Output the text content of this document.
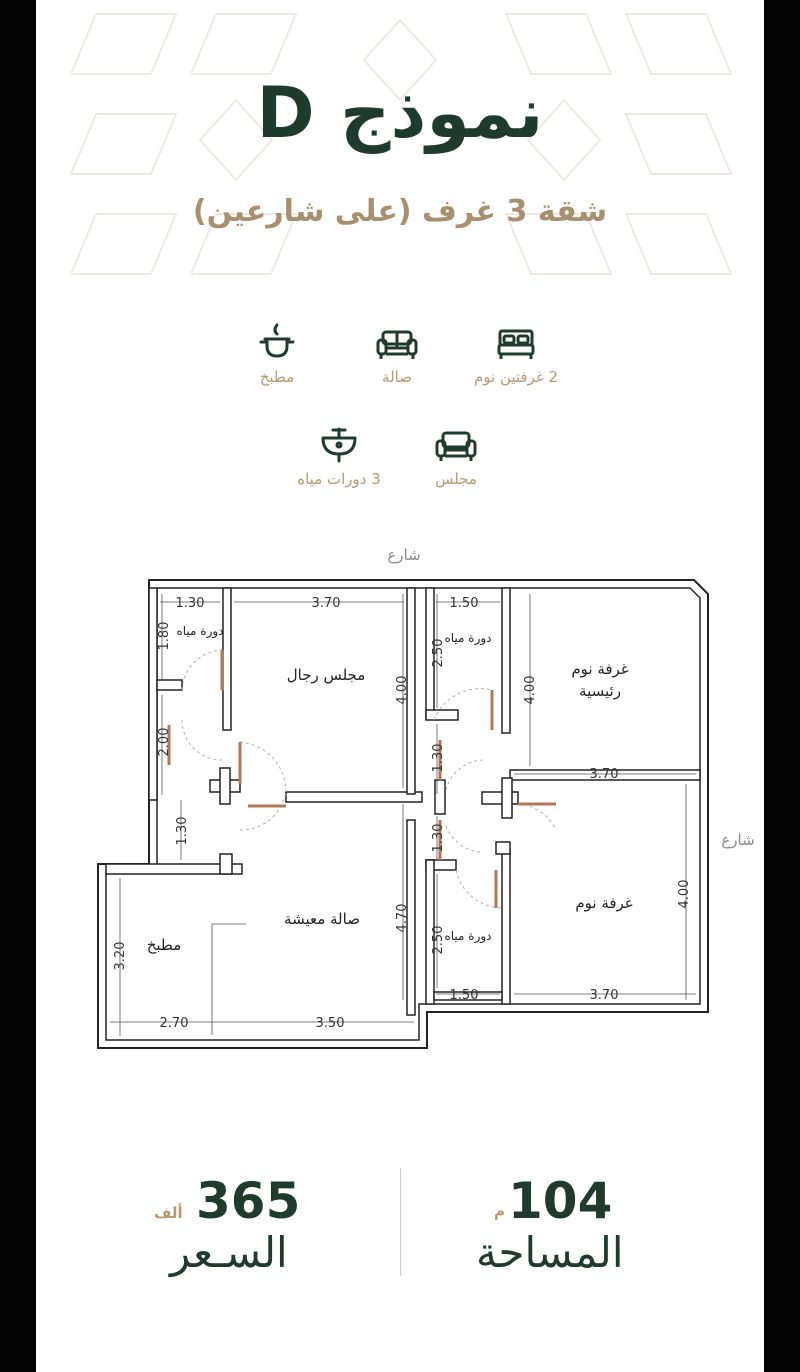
نموذج D
شقة 3 غرف (على شارعين)
2 غرفتين نوم
صالة
مطبخ
مجلس
3 دورات مياه
شارع
شارع
دورة مياه
مجلس رجال
دورة مياه
غرفة نوم
رئيسية
غرفة نوم
صالة معيشة
مطبخ	دورة مياه
1.30	3.70	1.50
1.80
2.00
1.30
4.00
2.50
4.00
3.70
1.30
1.30
4.70
2.50
4.00
3.20
2.70	3.50
1.50	3.70
365
ألف
السـعر
104
م
المساحة
